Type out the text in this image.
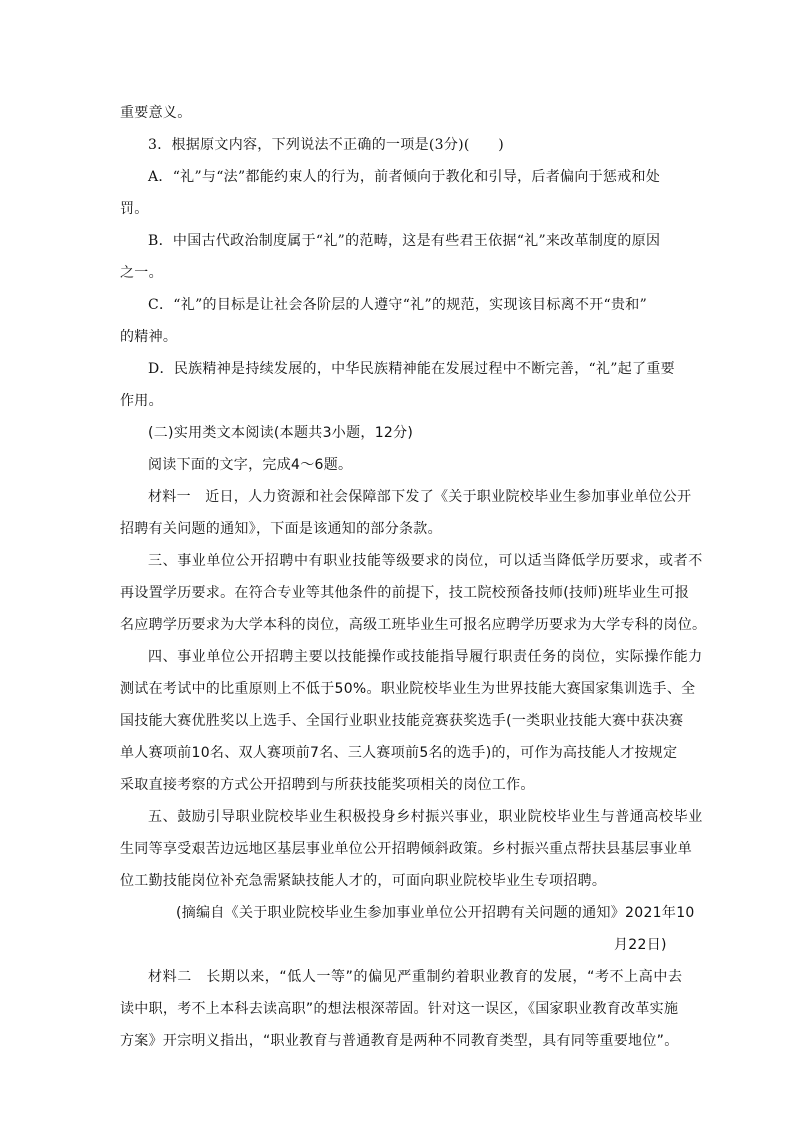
重要意义。
3．根据原文内容，下列说法不正确的一项是(3分)(　　)
A．“礼”与“法”都能约束人的行为，前者倾向于教化和引导，后者偏向于惩戒和处
罚。
B．中国古代政治制度属于“礼”的范畴，这是有些君王依据“礼”来改革制度的原因
之一。
C．“礼”的目标是让社会各阶层的人遵守“礼”的规范，实现该目标离不开“贵和”
的精神。
D．民族精神是持续发展的，中华民族精神能在发展过程中不断完善，“礼”起了重要
作用。
(二)实用类文本阅读(本题共3小题，12分)
阅读下面的文字，完成4～6题。
材料一　近日，人力资源和社会保障部下发了《关于职业院校毕业生参加事业单位公开
招聘有关问题的通知》，下面是该通知的部分条款。
三、事业单位公开招聘中有职业技能等级要求的岗位，可以适当降低学历要求，或者不
再设置学历要求。在符合专业等其他条件的前提下，技工院校预备技师(技师)班毕业生可报
名应聘学历要求为大学本科的岗位，高级工班毕业生可报名应聘学历要求为大学专科的岗位。
四、事业单位公开招聘主要以技能操作或技能指导履行职责任务的岗位，实际操作能力
测试在考试中的比重原则上不低于50%。职业院校毕业生为世界技能大赛国家集训选手、全
国技能大赛优胜奖以上选手、全国行业职业技能竞赛获奖选手(一类职业技能大赛中获决赛
单人赛项前10名、双人赛项前7名、三人赛项前5名的选手)的，可作为高技能人才按规定
采取直接考察的方式公开招聘到与所获技能奖项相关的岗位工作。
五、鼓励引导职业院校毕业生积极投身乡村振兴事业，职业院校毕业生与普通高校毕业
生同等享受艰苦边远地区基层事业单位公开招聘倾斜政策。乡村振兴重点帮扶县基层事业单
位工勤技能岗位补充急需紧缺技能人才的，可面向职业院校毕业生专项招聘。
(摘编自《关于职业院校毕业生参加事业单位公开招聘有关问题的通知》2021年10
月22日)
材料二　长期以来，“低人一等”的偏见严重制约着职业教育的发展，“考不上高中去
读中职，考不上本科去读高职”的想法根深蒂固。针对这一误区，《国家职业教育改革实施
方案》开宗明义指出，“职业教育与普通教育是两种不同教育类型，具有同等重要地位”。
